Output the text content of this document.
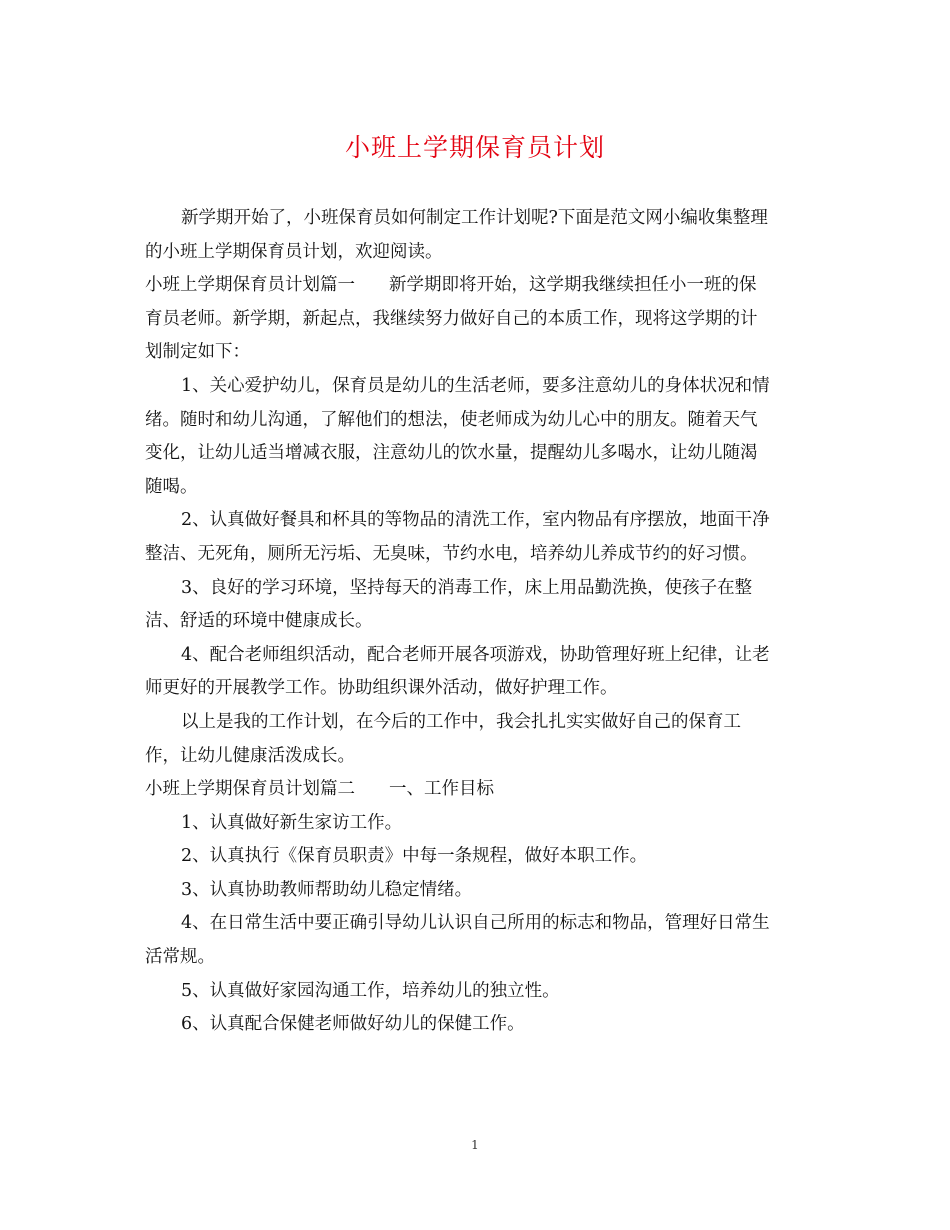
小班上学期保育员计划

新学期开始了，小班保育员如何制定工作计划呢?下面是范文网小编收集整理

的小班上学期保育员计划，欢迎阅读。

小班上学期保育员计划篇一 新学期即将开始，这学期我继续担任小一班的保

育员老师。新学期，新起点，我继续努力做好自己的本质工作，现将这学期的计

划制定如下：

1、关心爱护幼儿，保育员是幼儿的生活老师，要多注意幼儿的身体状况和情

绪。随时和幼儿沟通，了解他们的想法，使老师成为幼儿心中的朋友。随着天气

变化，让幼儿适当增减衣服，注意幼儿的饮水量，提醒幼儿多喝水，让幼儿随渴

随喝。

2、认真做好餐具和杯具的等物品的清洗工作，室内物品有序摆放，地面干净

整洁、无死角，厕所无污垢、无臭味，节约水电，培养幼儿养成节约的好习惯。

3、良好的学习环境，坚持每天的消毒工作，床上用品勤洗换，使孩子在整

洁、舒适的环境中健康成长。

4、配合老师组织活动，配合老师开展各项游戏，协助管理好班上纪律，让老

师更好的开展教学工作。协助组织课外活动，做好护理工作。

以上是我的工作计划，在今后的工作中，我会扎扎实实做好自己的保育工

作，让幼儿健康活泼成长。

小班上学期保育员计划篇二 一、工作目标

1、认真做好新生家访工作。

2、认真执行《保育员职责》中每一条规程，做好本职工作。

3、认真协助教师帮助幼儿稳定情绪。

4、在日常生活中要正确引导幼儿认识自己所用的标志和物品，管理好日常生

活常规。

5、认真做好家园沟通工作，培养幼儿的独立性。

6、认真配合保健老师做好幼儿的保健工作。

1
